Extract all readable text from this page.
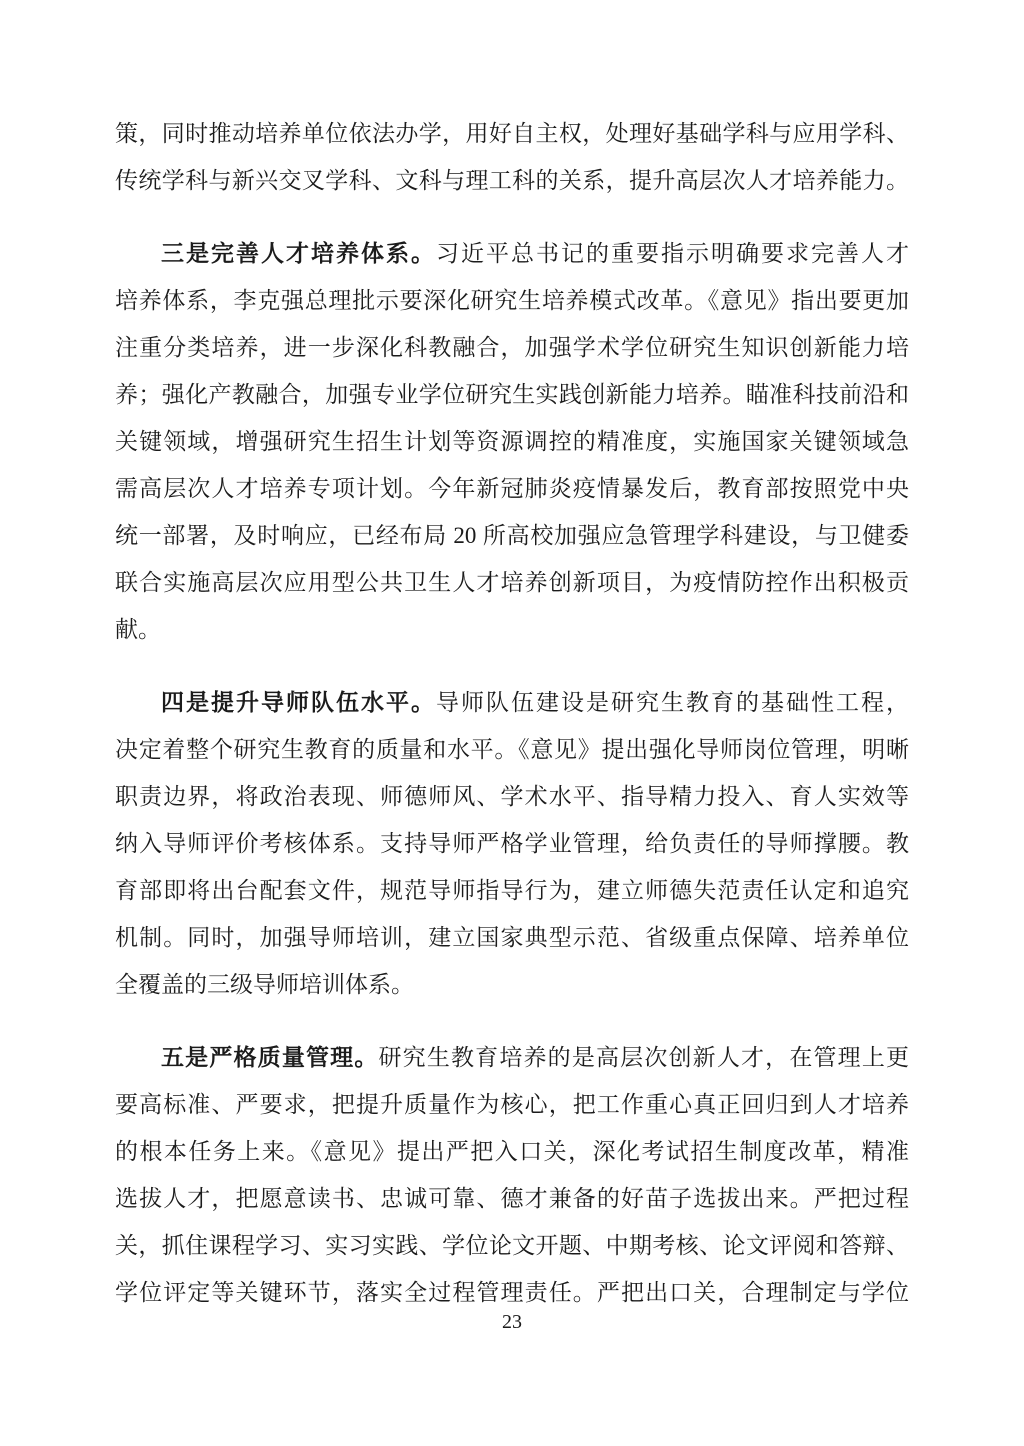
策，同时推动培养单位依法办学，用好自主权，处理好基础学科与应用学科、
传统学科与新兴交叉学科、文科与理工科的关系，提升高层次人才培养能力。
三是完善人才培养体系。习近平总书记的重要指示明确要求完善人才
培养体系，李克强总理批示要深化研究生培养模式改革。《意见》指出要更加
注重分类培养，进一步深化科教融合，加强学术学位研究生知识创新能力培
养；强化产教融合，加强专业学位研究生实践创新能力培养。瞄准科技前沿和
关键领域，增强研究生招生计划等资源调控的精准度，实施国家关键领域急
需高层次人才培养专项计划。今年新冠肺炎疫情暴发后，教育部按照党中央
统一部署，及时响应，已经布局 20 所高校加强应急管理学科建设，与卫健委
联合实施高层次应用型公共卫生人才培养创新项目，为疫情防控作出积极贡
献。
四是提升导师队伍水平。导师队伍建设是研究生教育的基础性工程，
决定着整个研究生教育的质量和水平。《意见》提出强化导师岗位管理，明晰
职责边界，将政治表现、师德师风、学术水平、指导精力投入、育人实效等
纳入导师评价考核体系。支持导师严格学业管理，给负责任的导师撑腰。教
育部即将出台配套文件，规范导师指导行为，建立师德失范责任认定和追究
机制。同时，加强导师培训，建立国家典型示范、省级重点保障、培养单位
全覆盖的三级导师培训体系。
五是严格质量管理。研究生教育培养的是高层次创新人才，在管理上更
要高标准、严要求，把提升质量作为核心，把工作重心真正回归到人才培养
的根本任务上来。《意见》提出严把入口关，深化考试招生制度改革，精准
选拔人才，把愿意读书、忠诚可靠、德才兼备的好苗子选拔出来。严把过程
关，抓住课程学习、实习实践、学位论文开题、中期考核、论文评阅和答辩、
学位评定等关键环节，落实全过程管理责任。严把出口关，合理制定与学位
23
